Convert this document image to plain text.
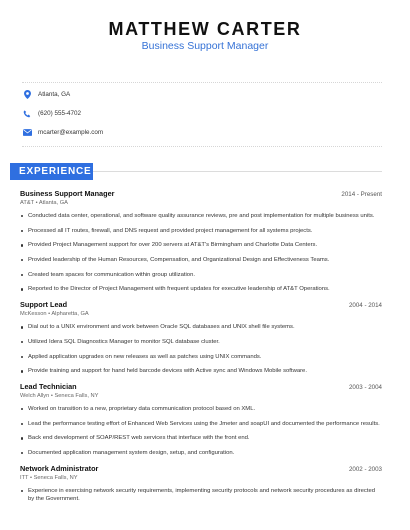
MATTHEW CARTER
Business Support Manager
Atlanta, GA
(620) 555-4702
mcarter@example.com
EXPERIENCE
Business Support Manager	2014 - Present
AT&T • Atlanta, GA
Conducted data center, operational, and software quality assurance reviews, pre and post implementation for multiple business units.
Processed all IT routes, firewall, and DNS request and provided project management for all systems projects.
Provided Project Management support for over 200 servers at AT&T's Birmingham and Charlotte Data Centers.
Provided leadership of the Human Resources, Compensation, and Organizational Design and Effectiveness Teams.
Created team spaces for communication within group utilization.
Reported to the Director of Project Management with frequent updates for executive leadership of AT&T Operations.
Support Lead	2004 - 2014
McKesson • Alpharetta, GA
Dial out to a UNIX environment and work between Oracle SQL databases and UNIX shell file systems.
Utilized Idera SQL Diagnostics Manager to monitor SQL database cluster.
Applied application upgrades on new releases as well as patches using UNIX commands.
Provide training and support for hand held barcode devices with Active sync and Windows Mobile software.
Lead Technician	2003 - 2004
Welch Allyn • Seneca Falls, NY
Worked on transition to a new, proprietary data communication protocol based on XML.
Lead the performance testing effort of Enhanced Web Services using the Jmeter and soapUI and documented the performance results.
Back end development of SOAP/REST web services that interface with the front end.
Documented application management system design, setup, and configuration.
Network Administrator	2002 - 2003
ITT • Seneca Falls, NY
Experience in exercising network security requirements, implementing security protocols and network security procedures as directed by the Government.
